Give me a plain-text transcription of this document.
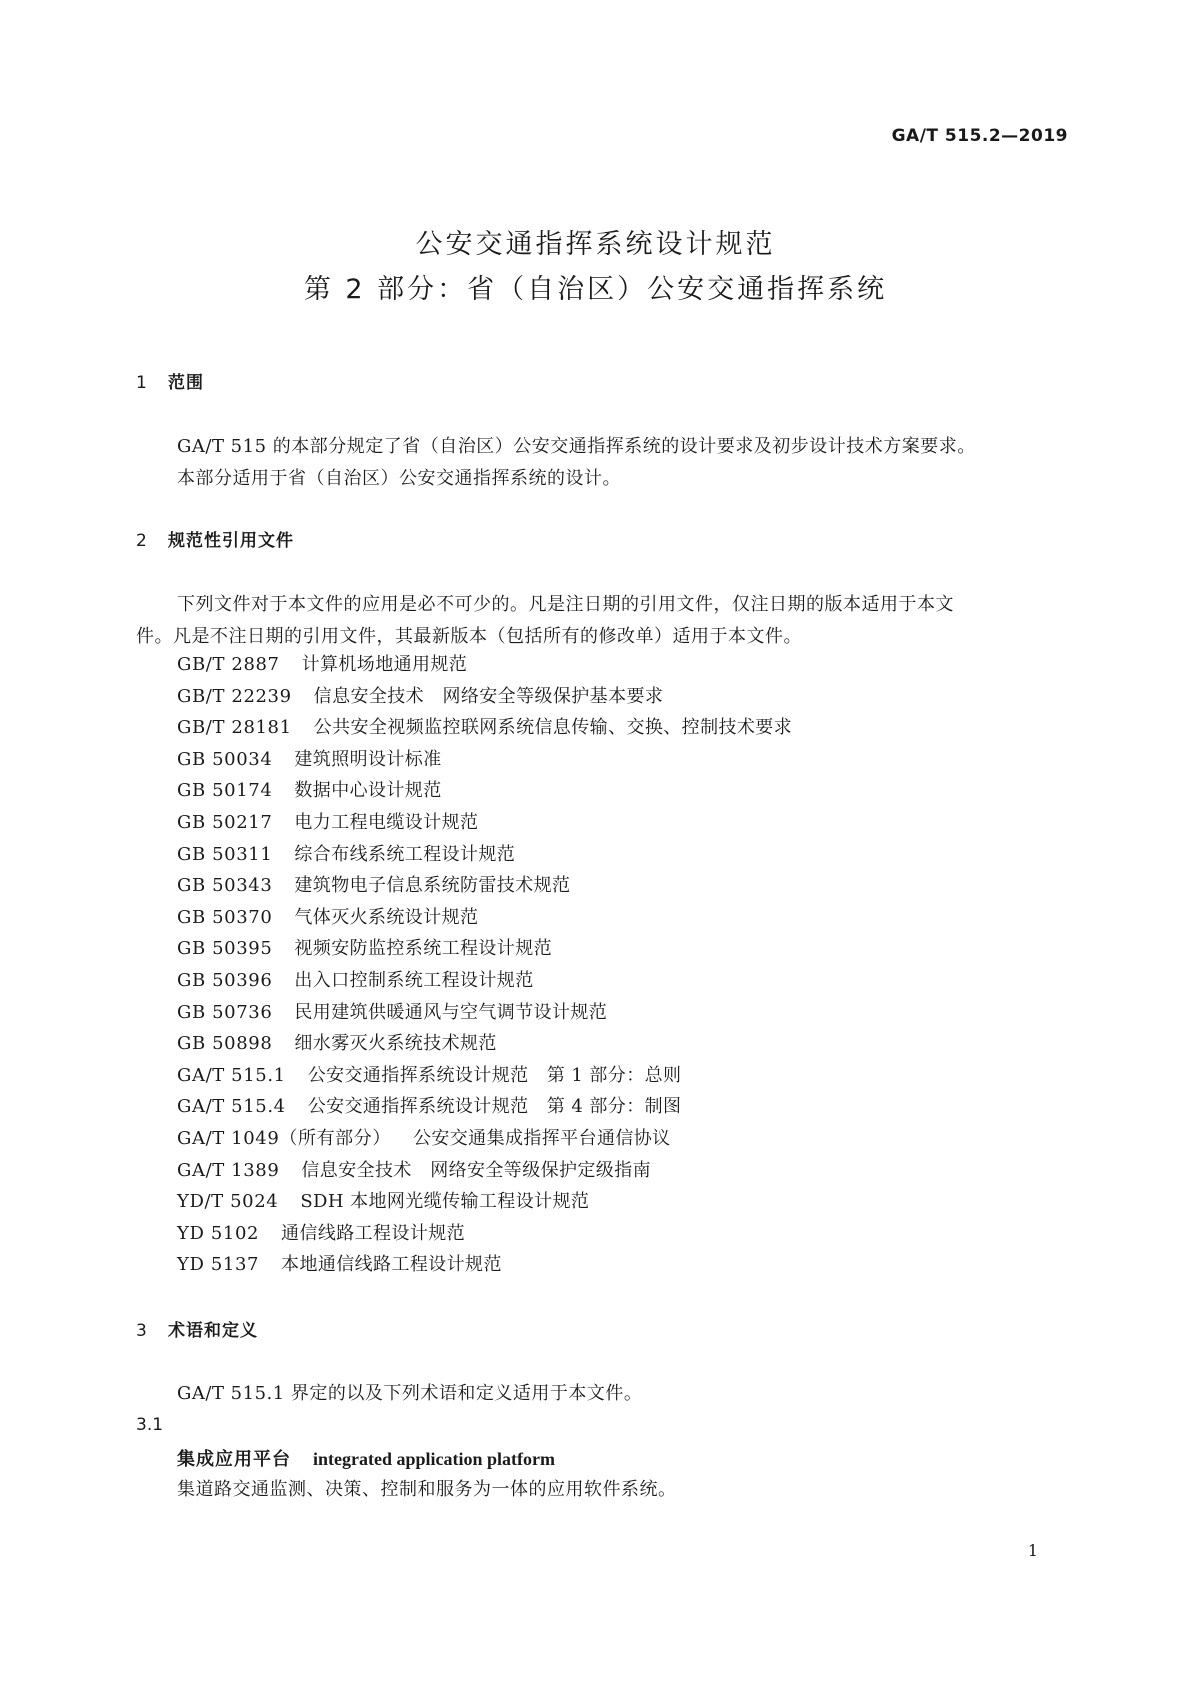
GA/T 515.2—2019
公安交通指挥系统设计规范
第 2 部分：省（自治区）公安交通指挥系统
1 范围
GA/T 515 的本部分规定了省（自治区）公安交通指挥系统的设计要求及初步设计技术方案要求。
本部分适用于省（自治区）公安交通指挥系统的设计。
2 规范性引用文件
下列文件对于本文件的应用是必不可少的。凡是注日期的引用文件，仅注日期的版本适用于本文
件。凡是不注日期的引用文件，其最新版本（包括所有的修改单）适用于本文件。
GB/T 2887 计算机场地通用规范
GB/T 22239 信息安全技术　网络安全等级保护基本要求
GB/T 28181 公共安全视频监控联网系统信息传输、交换、控制技术要求
GB 50034 建筑照明设计标准
GB 50174 数据中心设计规范
GB 50217 电力工程电缆设计规范
GB 50311 综合布线系统工程设计规范
GB 50343 建筑物电子信息系统防雷技术规范
GB 50370 气体灭火系统设计规范
GB 50395 视频安防监控系统工程设计规范
GB 50396 出入口控制系统工程设计规范
GB 50736 民用建筑供暖通风与空气调节设计规范
GB 50898 细水雾灭火系统技术规范
GA/T 515.1 公安交通指挥系统设计规范　第 1 部分：总则
GA/T 515.4 公安交通指挥系统设计规范　第 4 部分：制图
GA/T 1049（所有部分） 公安交通集成指挥平台通信协议
GA/T 1389 信息安全技术　网络安全等级保护定级指南
YD/T 5024 SDH 本地网光缆传输工程设计规范
YD 5102 通信线路工程设计规范
YD 5137 本地通信线路工程设计规范
3 术语和定义
GA/T 515.1 界定的以及下列术语和定义适用于本文件。
3.1
集成应用平台 integrated application platform
集道路交通监测、决策、控制和服务为一体的应用软件系统。
1
